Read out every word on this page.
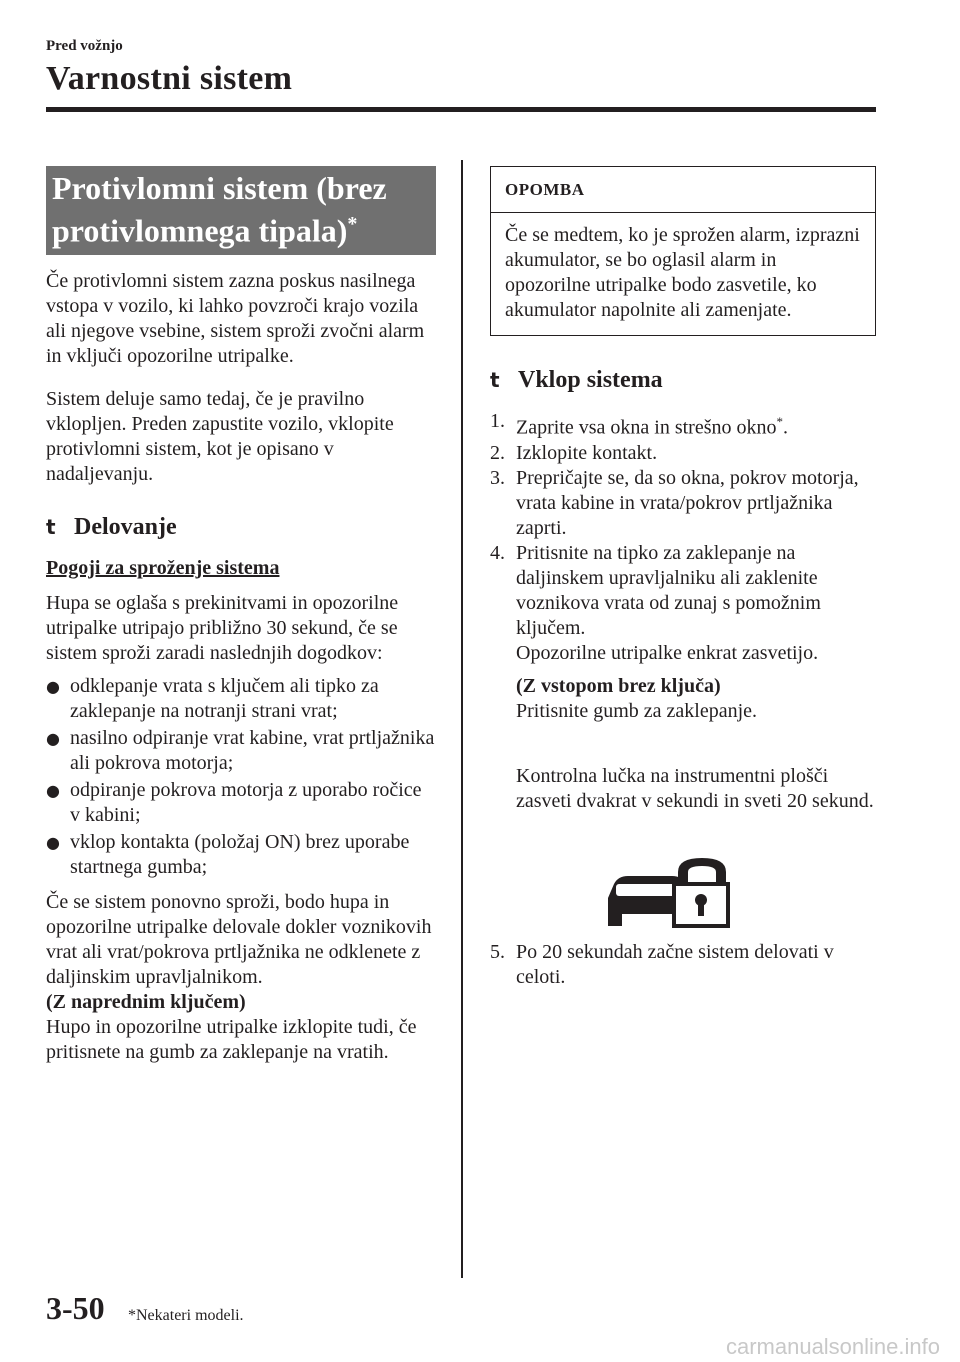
Pred vožnjo
Varnostni sistem
Protivlomni sistem (brez
protivlomnega tipala)*

Če protivlomni sistem zazna poskus nasilnega vstopa v vozilo, ki lahko povzroči krajo vozila ali njegove vsebine, sistem sproži zvočni alarm in vključi opozorilne utripalke.

Sistem deluje samo tedaj, če je pravilno vklopljen. Preden zapustite vozilo, vklopite protivlomni sistem, kot je opisano v nadaljevanju.

t Delovanje

Pogoji za sproženje sistema

Hupa se oglaša s prekinitvami in opozorilne utripalke utripajo približno 30 sekund, če se sistem sproži zaradi naslednjih dogodkov:

● odklepanje vrata s ključem ali tipko za zaklepanje na notranji strani vrat;
● nasilno odpiranje vrat kabine, vrat prtljažnika ali pokrova motorja;
● odpiranje pokrova motorja z uporabo ročice v kabini;
● vklop kontakta (položaj ON) brez uporabe startnega gumba;

Če se sistem ponovno sproži, bodo hupa in opozorilne utripalke delovale dokler voznikovih vrat ali vrat/pokrova prtljažnika ne odklenete z daljinskim upravljalnikom.

(Z naprednim ključem)

Hupo in opozorilne utripalke izklopite tudi, če pritisnete na gumb za zaklepanje na vratih.

OPOMBA
Če se medtem, ko je sprožen alarm, izprazni akumulator, se bo oglasil alarm in opozorilne utripalke bodo zasvetile, ko akumulator napolnite ali zamenjate.
t Vklop sistema
1. Zaprite vsa okna in strešno okno*.
2. Izklopite kontakt.
3. Prepričajte se, da so okna, pokrov motorja, vrata kabine in vrata/pokrov prtljažnika zaprti.
4. Pritisnite na tipko za zaklepanje na daljinskem upravljalniku ali zaklenite voznikova vrata od zunaj s pomožnim ključem.

Opozorilne utripalke enkrat zasvetijo.

(Z vstopom brez ključa)

Pritisnite gumb za zaklepanje.

Kontrolna lučka na instrumentni plošči zasveti dvakrat v sekundi in sveti 20 sekund.

5. Po 20 sekundah začne sistem delovati v celoti.
3-50 *Nekateri modeli.
carmanualsonline.info
